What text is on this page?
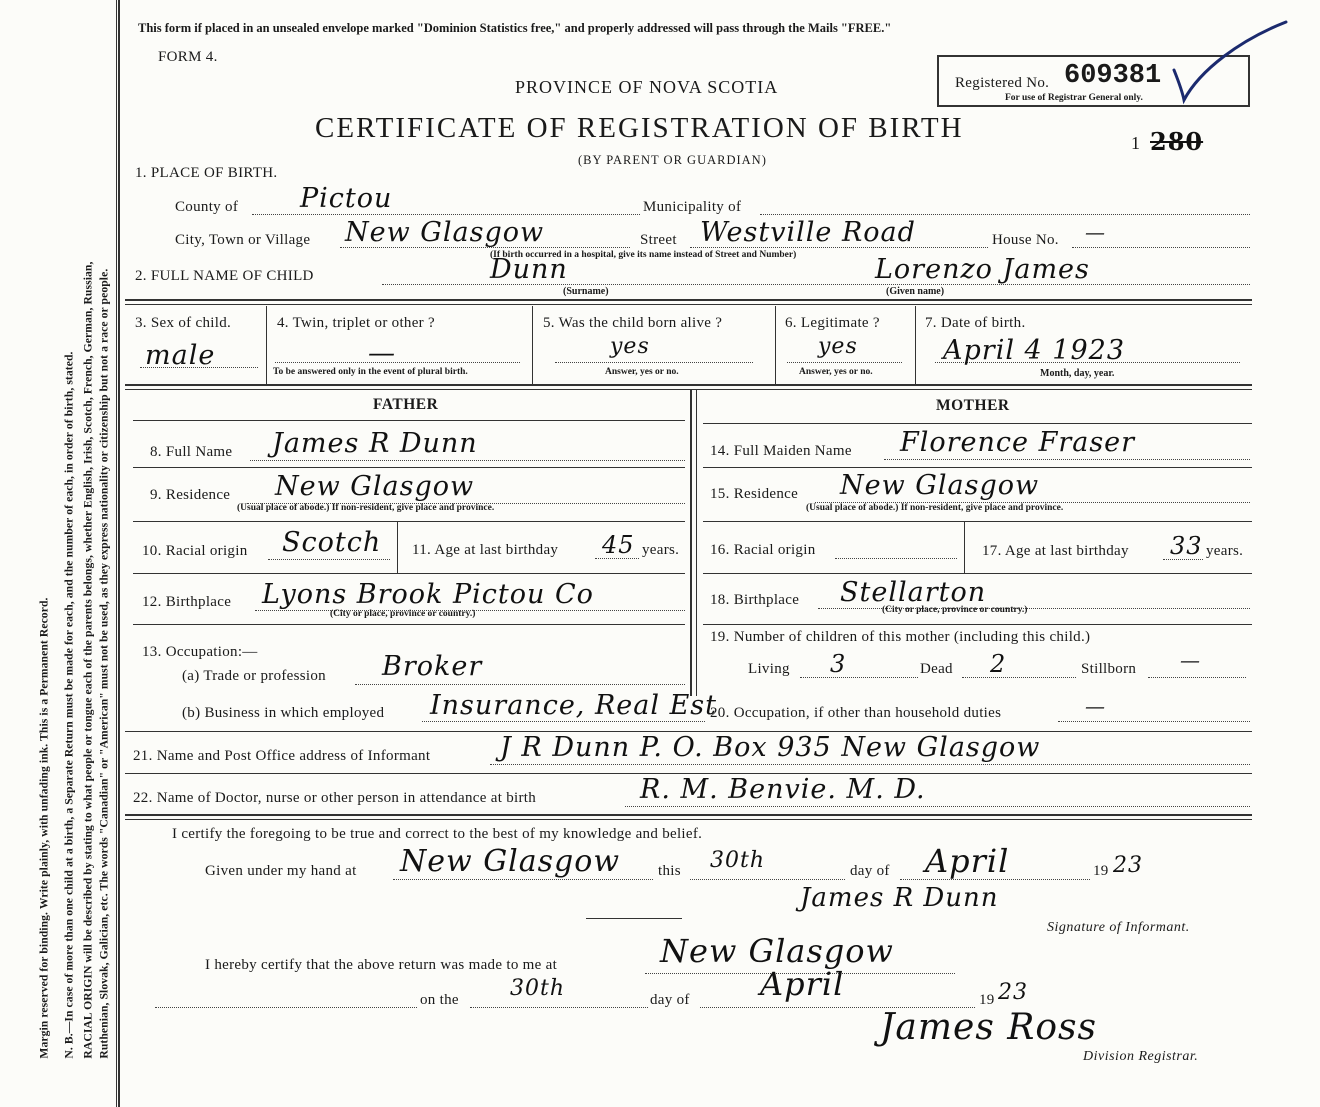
Margin reserved for binding. Write plainly, with unfading ink. This is a Permanent Record. N. B.—In case of more than one child at a birth, a Separate Return must be made for each, and the number of each, in order of birth, stated. RACIAL ORIGIN will be described by stating to what people or tongue each of the parents belongs, whether English, Irish, Scotch, French, German, Russian, Ruthenian, Slovak, Galician, etc. The words "Canadian" or "American" must not be used, as they express nationality or citizenship but not a race or people.
This form if placed in an unsealed envelope marked "Dominion Statistics free," and properly addressed will pass through the Mails "FREE."
FORM 4.
PROVINCE OF NOVA SCOTIA
CERTIFICATE OF REGISTRATION OF BIRTH
(BY PARENT OR GUARDIAN)
Registered No. 609381
For use of Registrar General only.
1 280
1. PLACE OF BIRTH.
County of Pictou	Municipality of
City, Town or Village New Glasgow	Street Westville Road	House No. —
(If birth occurred in a hospital, give its name instead of Street and Number)
2. FULL NAME OF CHILD	Dunn	Lorenzo James
(Surname)	(Given name)
3. Sex of child.
male
4. Twin, triplet or other ?
—
To be answered only in the event of plural birth.
5. Was the child born alive ?
yes
Answer, yes or no.
6. Legitimate ?
yes
Answer, yes or no.
7. Date of birth.
April 4 1923
Month, day, year.
FATHER
8. Full Name James R Dunn
9. Residence New Glasgow
(Usual place of abode.) If non-resident, give place and province.
10. Racial origin Scotch 11. Age at last birthday 45 years.
12. Birthplace Lyons Brook Pictou Co
(City or place, province or country.)
13. Occupation:—
(a) Trade or profession Broker
(b) Business in which employed Insurance, Real Est
MOTHER
14. Full Maiden Name Florence Fraser
15. Residence New Glasgow
(Usual place of abode.) If non-resident, give place and province.
16. Racial origin	17. Age at last birthday 33 years.
18. Birthplace Stellarton
(City or place, province or country.)
19. Number of children of this mother (including this child.)
Living 3	Dead 2	Stillborn —
20. Occupation, if other than household duties	—
21. Name and Post Office address of Informant	J R Dunn P. O. Box 935 New Glasgow
22. Name of Doctor, nurse or other person in attendance at birth	R. M. Benvie. M. D.
I certify the foregoing to be true and correct to the best of my knowledge and belief.
Given under my hand at New Glasgow	this 30th	day of April	19 23
James R Dunn
Signature of Informant.
I hereby certify that the above return was made to me at	New Glasgow
on the 30th	day of April	19 23
James Ross
Division Registrar.
